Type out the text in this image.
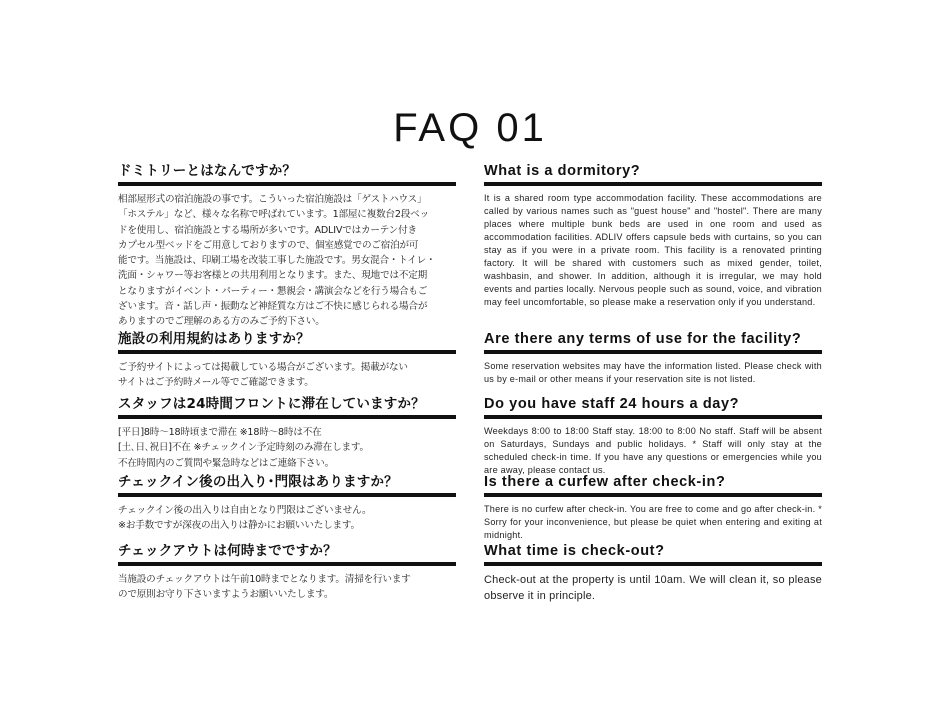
FAQ 01
ドミトリーとはなんですか？
相部屋形式の宿泊施設の事です。こういった宿泊施設は「ゲストハウス」
「ホステル」など、様々な名称で呼ばれています。1部屋に複数台2段ベッ
ドを使用し、宿泊施設とする場所が多いです。ADLIVではカーテン付き
カプセル型ベッドをご用意しておりますので、個室感覚でのご宿泊が可
能です。当施設は、印刷工場を改装工事した施設です。男女混合・トイレ・
洗面・シャワー等お客様との共用利用となります。また、現地では不定期
となりますがイベント・パーティー・懇親会・講演会などを行う場合もご
ざいます。音・話し声・振動など神経質な方はご不快に感じられる場合が
ありますのでご理解のある方のみご予約下さい。
施設の利用規約はありますか？
ご予約サイトによっては掲載している場合がございます。掲載がない
サイトはご予約時メール等でご確認できます。
スタッフは24時間フロントに滞在していますか？
[平日]8時～18時頃まで滞在 ※18時～8時は不在
[土､日､祝日]不在 ※チェックイン予定時刻のみ滞在します。
不在時間内のご質問や緊急時などはご連絡下さい。
チェックイン後の出入り･門限はありますか？
チェックイン後の出入りは自由となり門限はございません。
※お手数ですが深夜の出入りは静かにお願いいたします。
チェックアウトは何時までですか？
当施設のチェックアウトは午前10時までとなります。清掃を行います
ので原則お守り下さいますようお願いいたします。
What is a dormitory?
It is a shared room type accommodation facility. These accommodations are called by various names such as "guest house" and "hostel". There are many places where multiple bunk beds are used in one room and used as accommodation facilities. ADLIV offers capsule beds with curtains, so you can stay as if you were in a private room. This facility is a renovated printing factory. It will be shared with customers such as mixed gender, toilet, washbasin, and shower. In addition, although it is irregular, we may hold events and parties locally. Nervous people such as sound, voice, and vibration may feel uncomfortable, so please make a reservation only if you understand.
Are there any terms of use for the facility?
Some reservation websites may have the information listed. Please check with us by e-mail or other means if your reservation site is not listed.
Do you have staff 24 hours a day?
Weekdays 8:00 to 18:00 Staff stay. 18:00 to 8:00 No staff. Staff will be absent on Saturdays, Sundays and public holidays. * Staff will only stay at the scheduled check-in time. If you have any questions or emergencies while you are away, please contact us.
Is there a curfew after check-in?
There is no curfew after check-in. You are free to come and go after check-in. * Sorry for your inconvenience, but please be quiet when entering and exiting at midnight.
What time is check-out?
Check-out at the property is until 10am. We will clean it, so please observe it in principle.
